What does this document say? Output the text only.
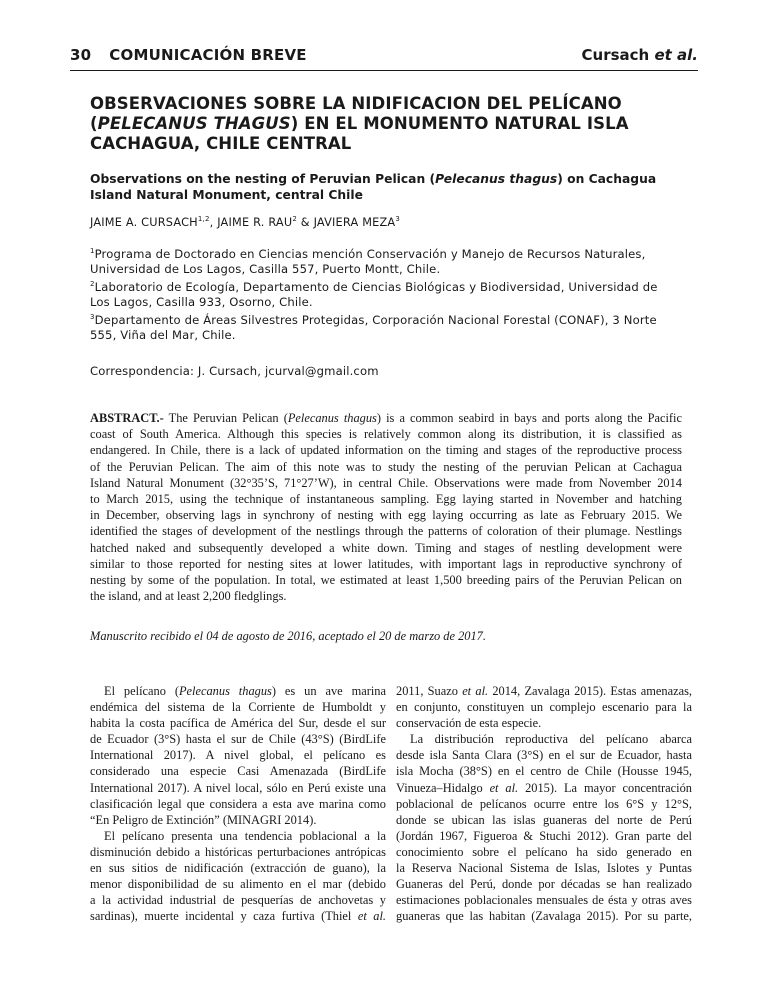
30 COMUNICACIÓN BREVE	Cursach et al.
OBSERVACIONES SOBRE LA NIDIFICACION DEL PELÍCANO
(PELECANUS THAGUS) EN EL MONUMENTO NATURAL ISLA
CACHAGUA, CHILE CENTRAL
Observations on the nesting of Peruvian Pelican (Pelecanus thagus) on Cachagua
Island Natural Monument, central Chile
JAIME A. CURSACH$^{1,2}$, JAIME R. RAU$^2$ & JAVIERA MEZA$^3$
$^1$Programa de Doctorado en Ciencias mención Conservación y Manejo de Recursos Naturales,
Universidad de Los Lagos, Casilla 557, Puerto Montt, Chile.
$^2$Laboratorio de Ecología, Departamento de Ciencias Biológicas y Biodiversidad, Universidad de
Los Lagos, Casilla 933, Osorno, Chile.
$^3$Departamento de Áreas Silvestres Protegidas, Corporación Nacional Forestal (CONAF), 3 Norte
555, Viña del Mar, Chile.
Correspondencia: J. Cursach, jcurval@gmail.com
ABSTRACT.- The Peruvian Pelican (Pelecanus thagus) is a common seabird in bays and ports along the Pacific
coast of South America. Although this species is relatively common along its distribution, it is classified as
endangered. In Chile, there is a lack of updated information on the timing and stages of the reproductive process
of the Peruvian Pelican. The aim of this note was to study the nesting of the peruvian Pelican at Cachagua
Island Natural Monument (32°35’S, 71°27’W), in central Chile. Observations were made from November 2014
to March 2015, using the technique of instantaneous sampling. Egg laying started in November and hatching
in December, observing lags in synchrony of nesting with egg laying occurring as late as February 2015. We
identified the stages of development of the nestlings through the patterns of coloration of their plumage. Nestlings
hatched naked and subsequently developed a white down. Timing and stages of nestling development were
similar to those reported for nesting sites at lower latitudes, with important lags in reproductive synchrony of
nesting by some of the population. In total, we estimated at least 1,500 breeding pairs of the Peruvian Pelican on
the island, and at least 2,200 fledglings.
Manuscrito recibido el 04 de agosto de 2016, aceptado el 20 de marzo de 2017.
El pelícano (Pelecanus thagus) es un ave marina
endémica del sistema de la Corriente de Humboldt y
habita la costa pacífica de América del Sur, desde el sur
de Ecuador (3°S) hasta el sur de Chile (43°S) (BirdLife
International 2017). A nivel global, el pelícano es
considerado una especie Casi Amenazada (BirdLife
International 2017). A nivel local, sólo en Perú existe una
clasificación legal que considera a esta ave marina como
“En Peligro de Extinción” (MINAGRI 2014).
El pelícano presenta una tendencia poblacional a la
disminución debido a históricas perturbaciones antrópicas
en sus sitios de nidificación (extracción de guano), la
menor disponibilidad de su alimento en el mar (debido
a la actividad industrial de pesquerías de anchovetas y
sardinas), muerte incidental y caza furtiva (Thiel et al.
2011, Suazo et al. 2014, Zavalaga 2015). Estas amenazas,
en conjunto, constituyen un complejo escenario para la
conservación de esta especie.
La distribución reproductiva del pelícano abarca
desde isla Santa Clara (3°S) en el sur de Ecuador, hasta
isla Mocha (38°S) en el centro de Chile (Housse 1945,
Vinueza–Hidalgo et al. 2015). La mayor concentración
poblacional de pelícanos ocurre entre los 6°S y 12°S,
donde se ubican las islas guaneras del norte de Perú
(Jordán 1967, Figueroa & Stuchi 2012). Gran parte del
conocimiento sobre el pelícano ha sido generado en
la Reserva Nacional Sistema de Islas, Islotes y Puntas
Guaneras del Perú, donde por décadas se han realizado
estimaciones poblacionales mensuales de ésta y otras aves
guaneras que las habitan (Zavalaga 2015). Por su parte,
